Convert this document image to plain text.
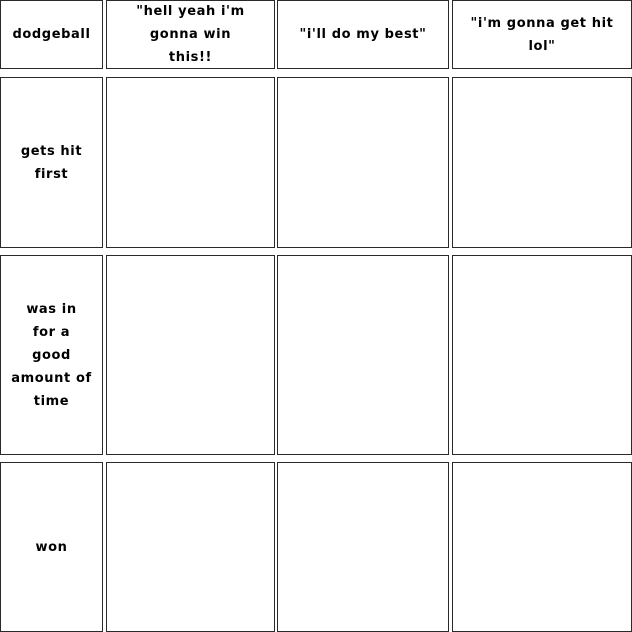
dodgeball
"hell yeah i'm
gonna win
this!!
"i'll do my best"
"i'm gonna get hit lol"
gets hit
first
was in
for a
good
amount of
time
won
